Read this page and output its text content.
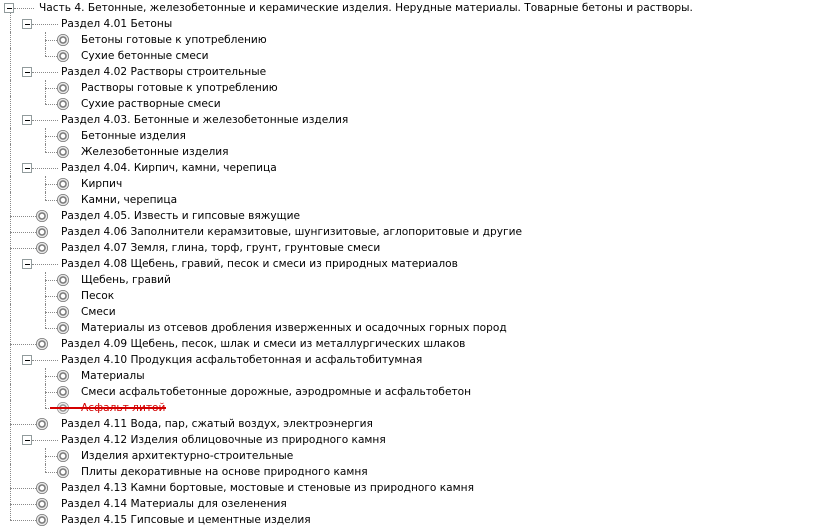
Часть 4. Бетонные, железобетонные и керамические изделия. Нерудные материалы. Товарные бетоны и растворы.
Раздел 4.01 Бетоны
Бетоны готовые к употреблению
Сухие бетонные смеси
Раздел 4.02 Растворы строительные
Растворы готовые к употреблению
Сухие растворные смеси
Раздел 4.03. Бетонные и железобетонные изделия
Бетонные изделия
Железобетонные изделия
Раздел 4.04. Кирпич, камни, черепица
Кирпич
Камни, черепица
Раздел 4.05. Известь и гипсовые вяжущие
Раздел 4.06 Заполнители керамзитовые, шунгизитовые, аглопоритовые и другие
Раздел 4.07 Земля, глина, торф, грунт, грунтовые смеси
Раздел 4.08 Щебень, гравий, песок и смеси из природных материалов
Щебень, гравий
Песок
Смеси
Материалы из отсевов дробления изверженных и осадочных горных пород
Раздел 4.09 Щебень, песок, шлак и смеси из металлургических шлаков
Раздел 4.10 Продукция асфальтобетонная и асфальтобитумная
Материалы
Смеси асфальтобетонные дорожные, аэродромные и асфальтобетон
Раздел 4.11 Вода, пар, сжатый воздух, электроэнергия
Раздел 4.12 Изделия облицовочные из природного камня
Изделия архитектурно-строительные
Плиты декоративные на основе природного камня
Раздел 4.13 Камни бортовые, мостовые и стеновые из природного камня
Раздел 4.14 Материалы для озеленения
Раздел 4.15 Гипсовые и цементные изделия
